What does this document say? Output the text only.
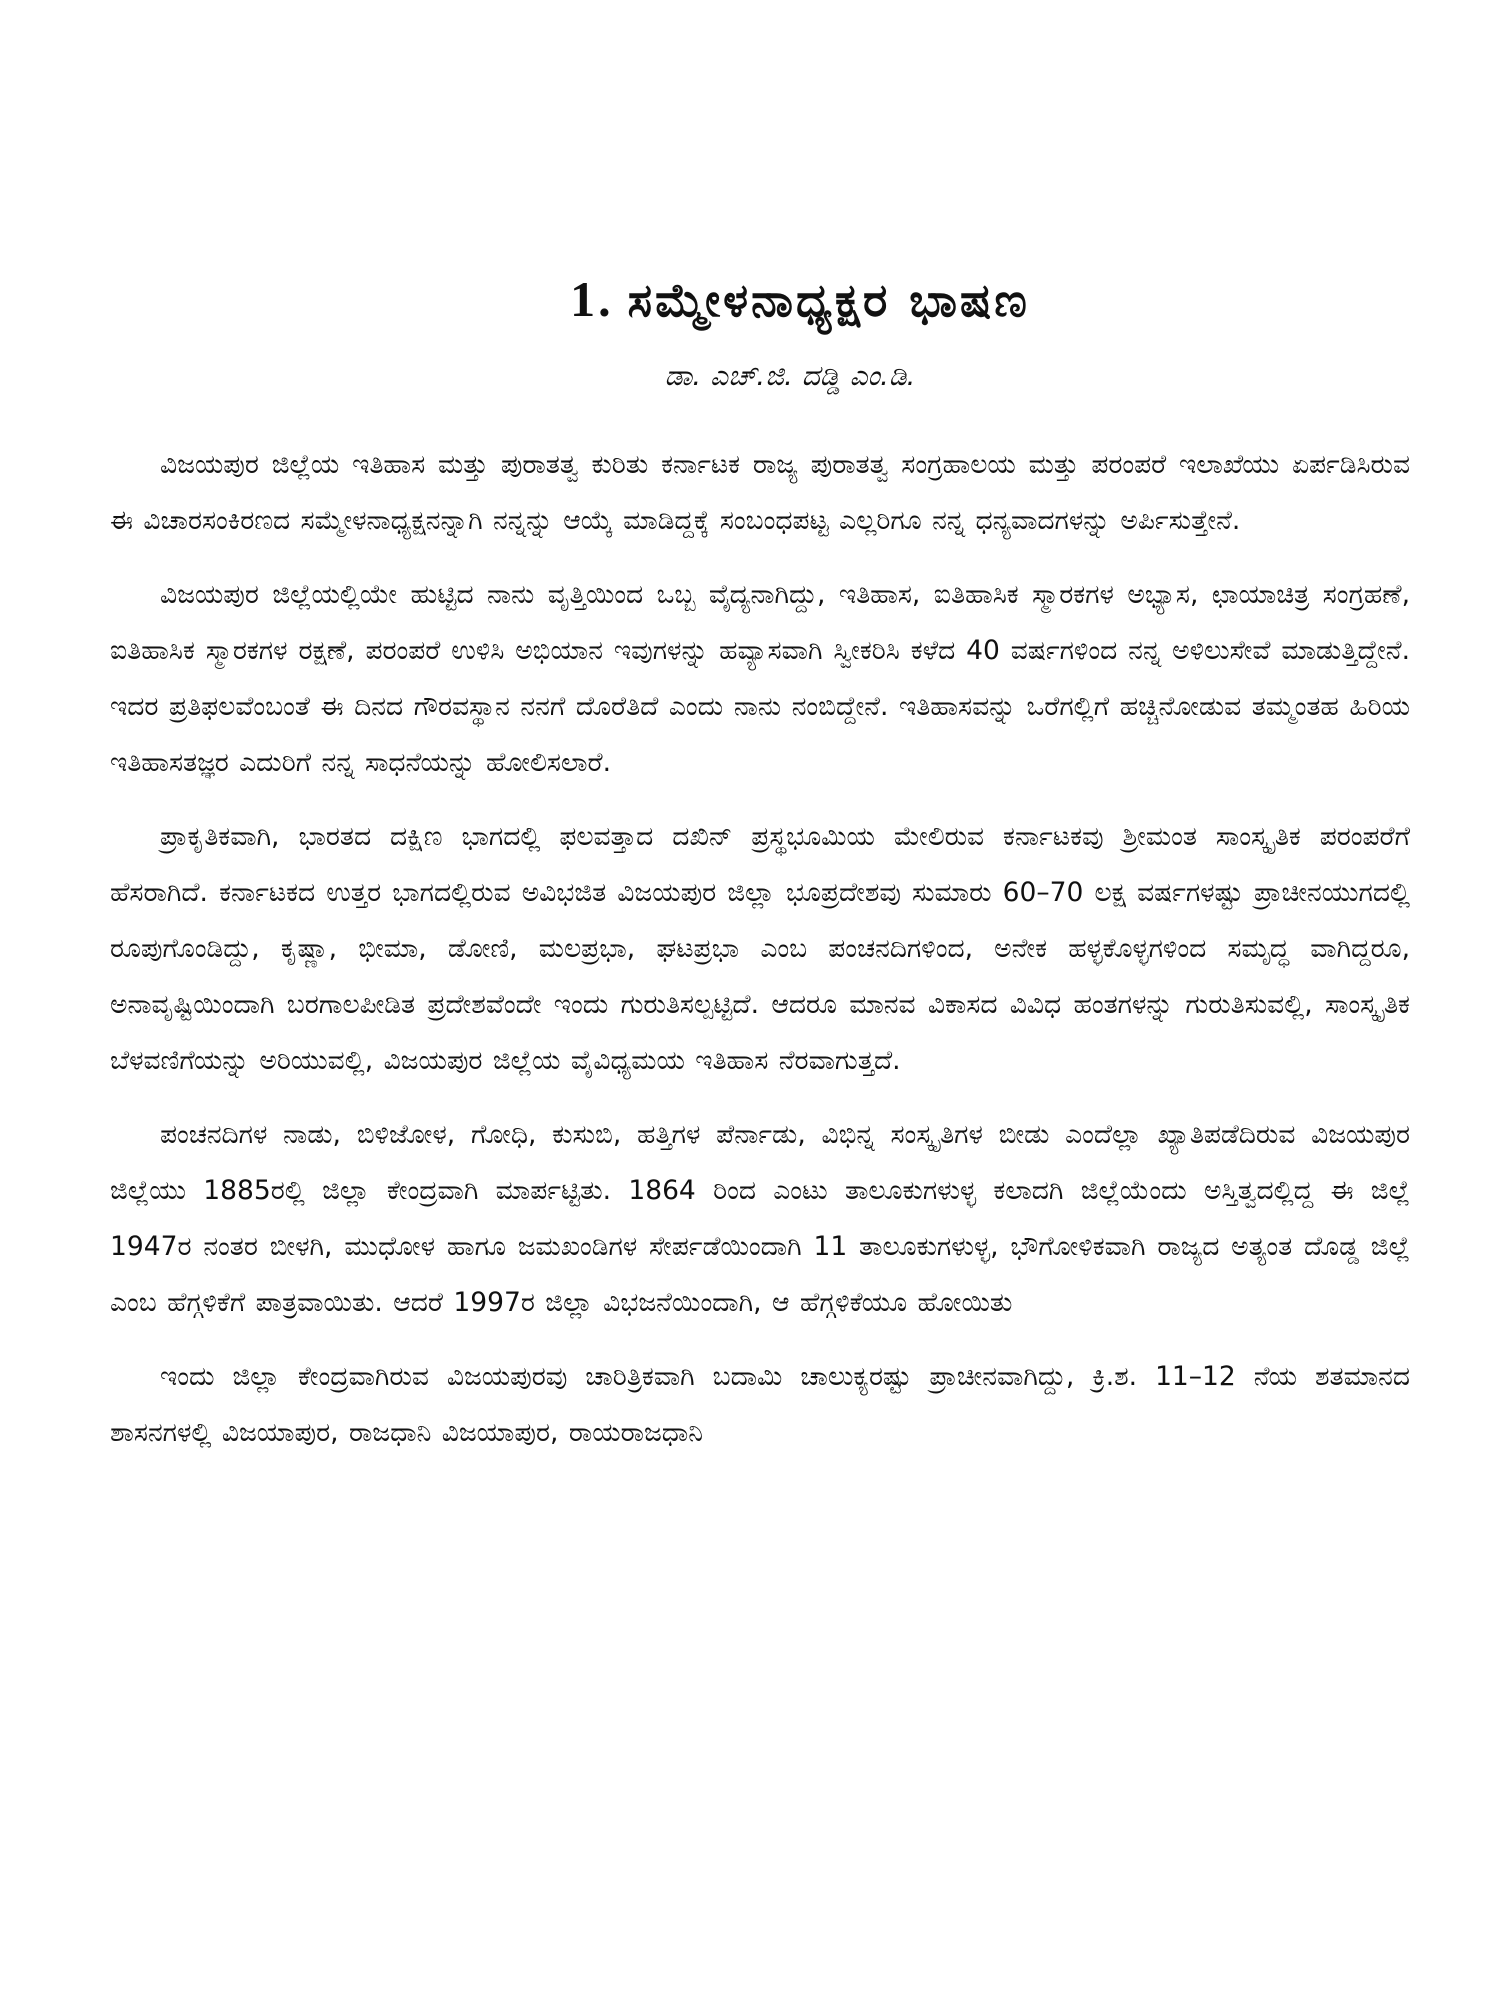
1. ಸಮ್ಮೇಳನಾಧ್ಯಕ್ಷರ ಭಾಷಣ

ಡಾ. ಎಚ್.ಜಿ. ದಡ್ಡಿ ಎಂ.ಡಿ.

ವಿಜಯಪುರ ಜಿಲ್ಲೆಯ ಇತಿಹಾಸ ಮತ್ತು ಪುರಾತತ್ವ ಕುರಿತು ಕರ್ನಾಟಕ ರಾಜ್ಯ ಪುರಾತತ್ವ ಸಂಗ್ರಹಾಲಯ ಮತ್ತು ಪರಂಪರೆ ಇಲಾಖೆಯು ಏರ್ಪಡಿಸಿರುವ ಈ ವಿಚಾರಸಂಕಿರಣದ ಸಮ್ಮೇಳನಾಧ್ಯಕ್ಷನನ್ನಾಗಿ ನನ್ನನ್ನು ಆಯ್ಕೆ ಮಾಡಿದ್ದಕ್ಕೆ ಸಂಬಂಧಪಟ್ಟ ಎಲ್ಲರಿಗೂ ನನ್ನ ಧನ್ಯವಾದಗಳನ್ನು ಅರ್ಪಿಸುತ್ತೇನೆ.

ವಿಜಯಪುರ ಜಿಲ್ಲೆಯಲ್ಲಿಯೇ ಹುಟ್ಟಿದ ನಾನು ವೃತ್ತಿಯಿಂದ ಒಬ್ಬ ವೈದ್ಯನಾಗಿದ್ದು, ಇತಿಹಾಸ, ಐತಿಹಾಸಿಕ ಸ್ಮಾರಕಗಳ ಅಭ್ಯಾಸ, ಛಾಯಾಚಿತ್ರ ಸಂಗ್ರಹಣೆ, ಐತಿಹಾಸಿಕ ಸ್ಮಾರಕಗಳ ರಕ್ಷಣೆ, ಪರಂಪರೆ ಉಳಿಸಿ ಅಭಿಯಾನ ಇವುಗಳನ್ನು ಹವ್ಯಾಸವಾಗಿ ಸ್ವೀಕರಿಸಿ ಕಳೆದ 40 ವರ್ಷಗಳಿಂದ ನನ್ನ ಅಳಿಲುಸೇವೆ ಮಾಡುತ್ತಿದ್ದೇನೆ. ಇದರ ಪ್ರತಿಫಲವೆಂಬಂತೆ ಈ ದಿನದ ಗೌರವಸ್ಥಾನ ನನಗೆ ದೊರೆತಿದೆ ಎಂದು ನಾನು ನಂಬಿದ್ದೇನೆ. ಇತಿಹಾಸವನ್ನು ಒರೆಗಲ್ಲಿಗೆ ಹಚ್ಚಿನೋಡುವ ತಮ್ಮಂತಹ ಹಿರಿಯ ಇತಿಹಾಸತಜ್ಞರ ಎದುರಿಗೆ ನನ್ನ ಸಾಧನೆಯನ್ನು ಹೋಲಿಸಲಾರೆ.

ಪ್ರಾಕೃತಿಕವಾಗಿ, ಭಾರತದ ದಕ್ಷಿಣ ಭಾಗದಲ್ಲಿ ಫಲವತ್ತಾದ ದಖಿನ್ ಪ್ರಸ್ಥಭೂಮಿಯ ಮೇಲಿರುವ ಕರ್ನಾಟಕವು ಶ್ರೀಮಂತ ಸಾಂಸ್ಕೃತಿಕ ಪರಂಪರೆಗೆ ಹೆಸರಾಗಿದೆ. ಕರ್ನಾಟಕದ ಉತ್ತರ ಭಾಗದಲ್ಲಿರುವ ಅವಿಭಜಿತ ವಿಜಯಪುರ ಜಿಲ್ಲಾ ಭೂಪ್ರದೇಶವು ಸುಮಾರು 60–70 ಲಕ್ಷ ವರ್ಷಗಳಷ್ಟು ಪ್ರಾಚೀನಯುಗದಲ್ಲಿ ರೂಪುಗೊಂಡಿದ್ದು, ಕೃಷ್ಣಾ, ಭೀಮಾ, ಡೋಣಿ, ಮಲಪ್ರಭಾ, ಘಟಪ್ರಭಾ ಎಂಬ ಪಂಚನದಿಗಳಿಂದ, ಅನೇಕ ಹಳ್ಳಕೊಳ್ಳಗಳಿಂದ ಸಮೃದ್ಧ ವಾಗಿದ್ದರೂ, ಅನಾವೃಷ್ಟಿಯಿಂದಾಗಿ ಬರಗಾಲಪೀಡಿತ ಪ್ರದೇಶವೆಂದೇ ಇಂದು ಗುರುತಿಸಲ್ಪಟ್ಟಿದೆ. ಆದರೂ ಮಾನವ ವಿಕಾಸದ ವಿವಿಧ ಹಂತಗಳನ್ನು ಗುರುತಿಸುವಲ್ಲಿ, ಸಾಂಸ್ಕೃತಿಕ ಬೆಳವಣಿಗೆಯನ್ನು ಅರಿಯುವಲ್ಲಿ, ವಿಜಯಪುರ ಜಿಲ್ಲೆಯ ವೈವಿಧ್ಯಮಯ ಇತಿಹಾಸ ನೆರವಾಗುತ್ತದೆ.

ಪಂಚನದಿಗಳ ನಾಡು, ಬಿಳಿಜೋಳ, ಗೋಧಿ, ಕುಸುಬಿ, ಹತ್ತಿಗಳ ಪೆರ್ನಾಡು, ವಿಭಿನ್ನ ಸಂಸ್ಕೃತಿಗಳ ಬೀಡು ಎಂದೆಲ್ಲಾ ಖ್ಯಾತಿಪಡೆದಿರುವ ವಿಜಯಪುರ ಜಿಲ್ಲೆಯು 1885ರಲ್ಲಿ ಜಿಲ್ಲಾ ಕೇಂದ್ರವಾಗಿ ಮಾರ್ಪಟ್ಟಿತು. 1864 ರಿಂದ ಎಂಟು ತಾಲೂಕುಗಳುಳ್ಳ ಕಲಾದಗಿ ಜಿಲ್ಲೆಯೆಂದು ಅಸ್ತಿತ್ವದಲ್ಲಿದ್ದ ಈ ಜಿಲ್ಲೆ 1947ರ ನಂತರ ಬೀಳಗಿ, ಮುಧೋಳ ಹಾಗೂ ಜಮಖಂಡಿಗಳ ಸೇರ್ಪಡೆಯಿಂದಾಗಿ 11 ತಾಲೂಕುಗಳುಳ್ಳ, ಭೌಗೋಳಿಕವಾಗಿ ರಾಜ್ಯದ ಅತ್ಯಂತ ದೊಡ್ಡ ಜಿಲ್ಲೆ ಎಂಬ ಹೆಗ್ಗಳಿಕೆಗೆ ಪಾತ್ರವಾಯಿತು. ಆದರೆ 1997ರ ಜಿಲ್ಲಾ ವಿಭಜನೆಯಿಂದಾಗಿ, ಆ ಹೆಗ್ಗಳಿಕೆಯೂ ಹೋಯಿತು

ಇಂದು ಜಿಲ್ಲಾ ಕೇಂದ್ರವಾಗಿರುವ ವಿಜಯಪುರವು ಚಾರಿತ್ರಿಕವಾಗಿ ಬದಾಮಿ ಚಾಲುಕ್ಯರಷ್ಟು ಪ್ರಾಚೀನವಾಗಿದ್ದು, ಕ್ರಿ.ಶ. 11–12 ನೆಯ ಶತಮಾನದ ಶಾಸನಗಳಲ್ಲಿ ವಿಜಯಾಪುರ, ರಾಜಧಾನಿ ವಿಜಯಾಪುರ, ರಾಯರಾಜಧಾನಿ
